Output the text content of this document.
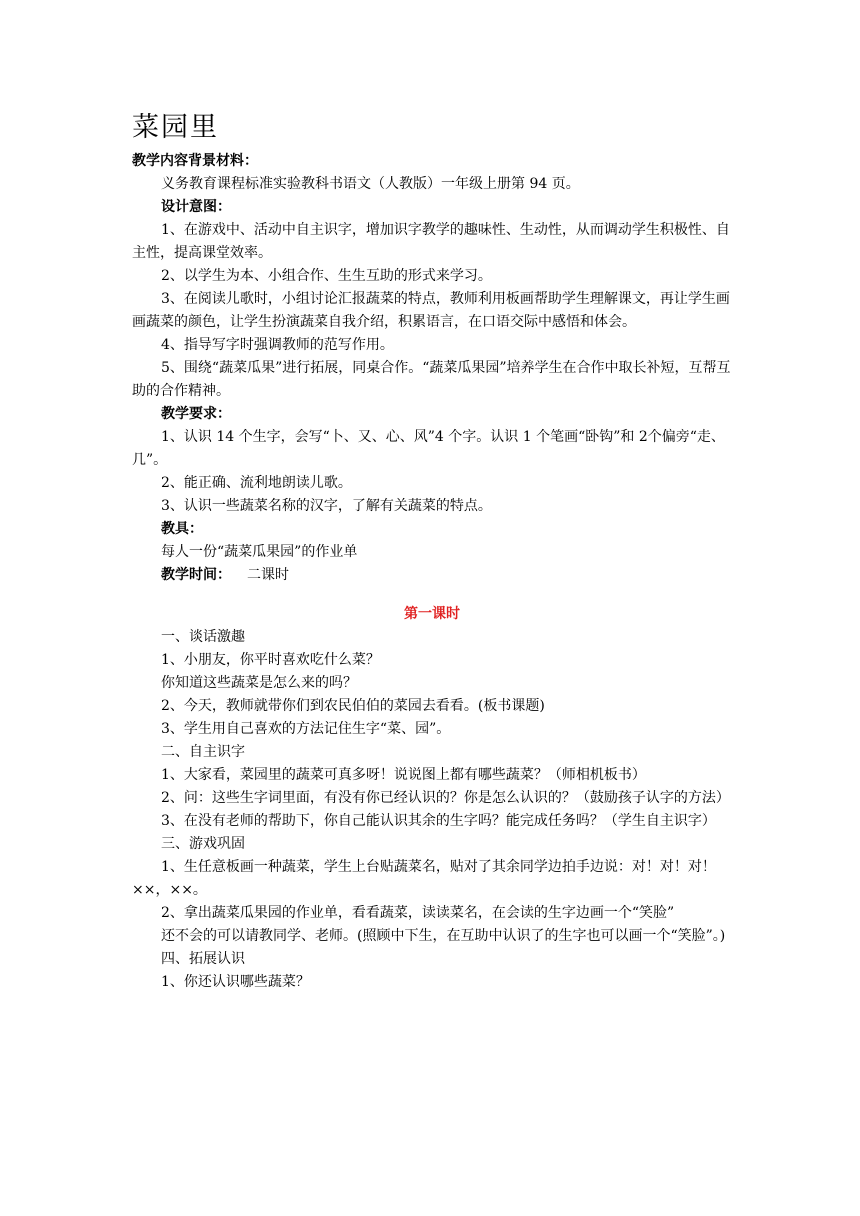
菜园里

教学内容背景材料：

义务教育课程标准实验教科书语文（人教版）一年级上册第 94 页。

设计意图：

1、在游戏中、活动中自主识字，增加识字教学的趣味性、生动性，从而调动学生积极性、自主性，提高课堂效率。

2、以学生为本、小组合作、生生互助的形式来学习。

3、在阅读儿歌时，小组讨论汇报蔬菜的特点，教师利用板画帮助学生理解课文，再让学生画画蔬菜的颜色，让学生扮演蔬菜自我介绍，积累语言，在口语交际中感悟和体会。

4、指导写字时强调教师的范写作用。

5、围绕“蔬菜瓜果”进行拓展，同桌合作。“蔬菜瓜果园”培养学生在合作中取长补短，互帮互助的合作精神。

教学要求：

1、认识 14 个生字，会写“卜、又、心、风”4 个字。认识 1 个笔画“卧钩”和 2个偏旁“走、几”。

2、能正确、流利地朗读儿歌。

3、认识一些蔬菜名称的汉字，了解有关蔬菜的特点。

教具：

每人一份“蔬菜瓜果园”的作业单

教学时间： 二课时

第一课时

一、谈话激趣

1、小朋友，你平时喜欢吃什么菜？

你知道这些蔬菜是怎么来的吗？

2、今天，教师就带你们到农民伯伯的菜园去看看。(板书课题)

3、学生用自己喜欢的方法记住生字“菜、园”。

二、自主识字

1、大家看，菜园里的蔬菜可真多呀！说说图上都有哪些蔬菜？（师相机板书）

2、问：这些生字词里面，有没有你已经认识的？你是怎么认识的？（鼓励孩子认字的方法）

3、在没有老师的帮助下，你自己能认识其余的生字吗？能完成任务吗？（学生自主识字）

三、游戏巩固

1、生任意板画一种蔬菜，学生上台贴蔬菜名，贴对了其余同学边拍手边说：对！对！对！××，××。

2、拿出蔬菜瓜果园的作业单，看看蔬菜，读读菜名，在会读的生字边画一个“笑脸”

还不会的可以请教同学、老师。(照顾中下生，在互助中认识了的生字也可以画一个“笑脸”。)

四、拓展认识

1、你还认识哪些蔬菜？
